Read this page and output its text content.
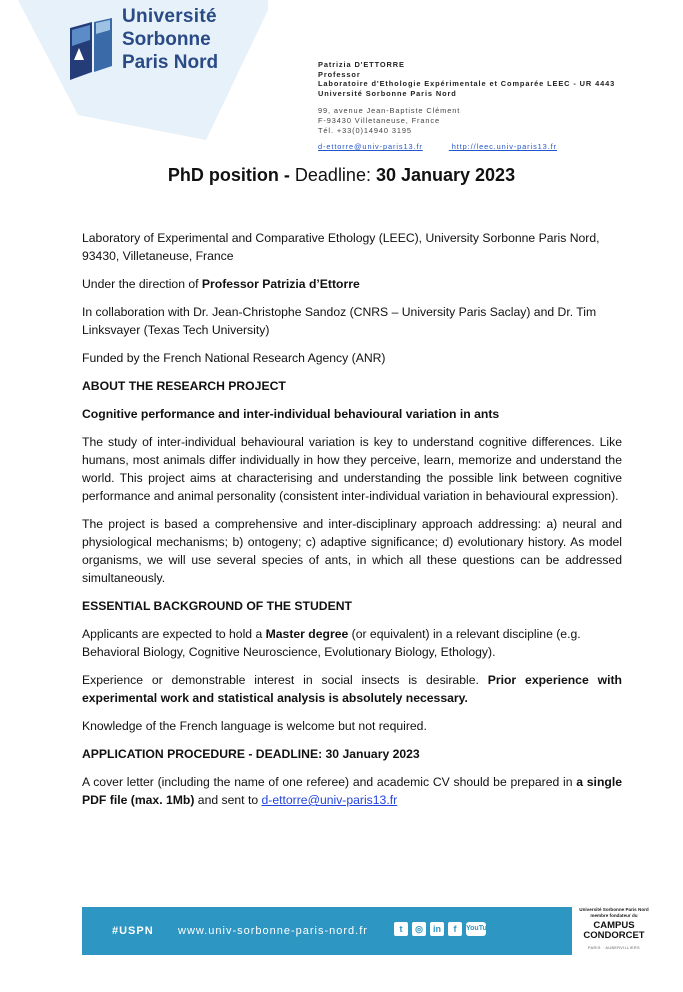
Université
Sorbonne
Paris Nord	Patrizia D'ETTORRE
Professor
Laboratoire d'Ethologie Expérimentale et Comparée LEEC - UR 4443
Université Sorbonne Paris Nord
99, avenue Jean-Baptiste Clément
F-93430 Villetaneuse, France
Tél. +33(0)14940 3195
d-ettorre@univ-paris13.fr	http://leec.univ-paris13.fr
PhD position - Deadline: 30 January 2023

Laboratory of Experimental and Comparative Ethology (LEEC), University Sorbonne Paris Nord, 93430, Villetaneuse, France

Under the direction of Professor Patrizia d’Ettorre

In collaboration with Dr. Jean-Christophe Sandoz (CNRS – University Paris Saclay) and Dr. Tim Linksvayer (Texas Tech University)

Funded by the French National Research Agency (ANR)

ABOUT THE RESEARCH PROJECT

Cognitive performance and inter-individual behavioural variation in ants

The study of inter-individual behavioural variation is key to understand cognitive differences. Like humans, most animals differ individually in how they perceive, learn, memorize and understand the world. This project aims at characterising and understanding the possible link between cognitive performance and animal personality (consistent inter-individual variation in behavioural expression).

The project is based a comprehensive and inter-disciplinary approach addressing: a) neural and physiological mechanisms; b) ontogeny; c) adaptive significance; d) evolutionary history. As model organisms, we will use several species of ants, in which all these questions can be addressed simultaneously.

ESSENTIAL BACKGROUND OF THE STUDENT

Applicants are expected to hold a Master degree (or equivalent) in a relevant discipline (e.g. Behavioral Biology, Cognitive Neuroscience, Evolutionary Biology, Ethology).

Experience or demonstrable interest in social insects is desirable. Prior experience with experimental work and statistical analysis is absolutely necessary.

Knowledge of the French language is welcome but not required.

APPLICATION PROCEDURE - DEADLINE: 30 January 2023

A cover letter (including the name of one referee) and academic CV should be prepared in a single PDF file (max. 1Mb) and sent to d-ettorre@univ-paris13.fr

#USPN www.univ-sorbonne-paris-nord.fr	t	◎	in	f	YouTube
Université Sorbonne Paris Nord membre fondateur du
CAMPUS
CONDORCET
PARIS · AUBERVILLIERS
